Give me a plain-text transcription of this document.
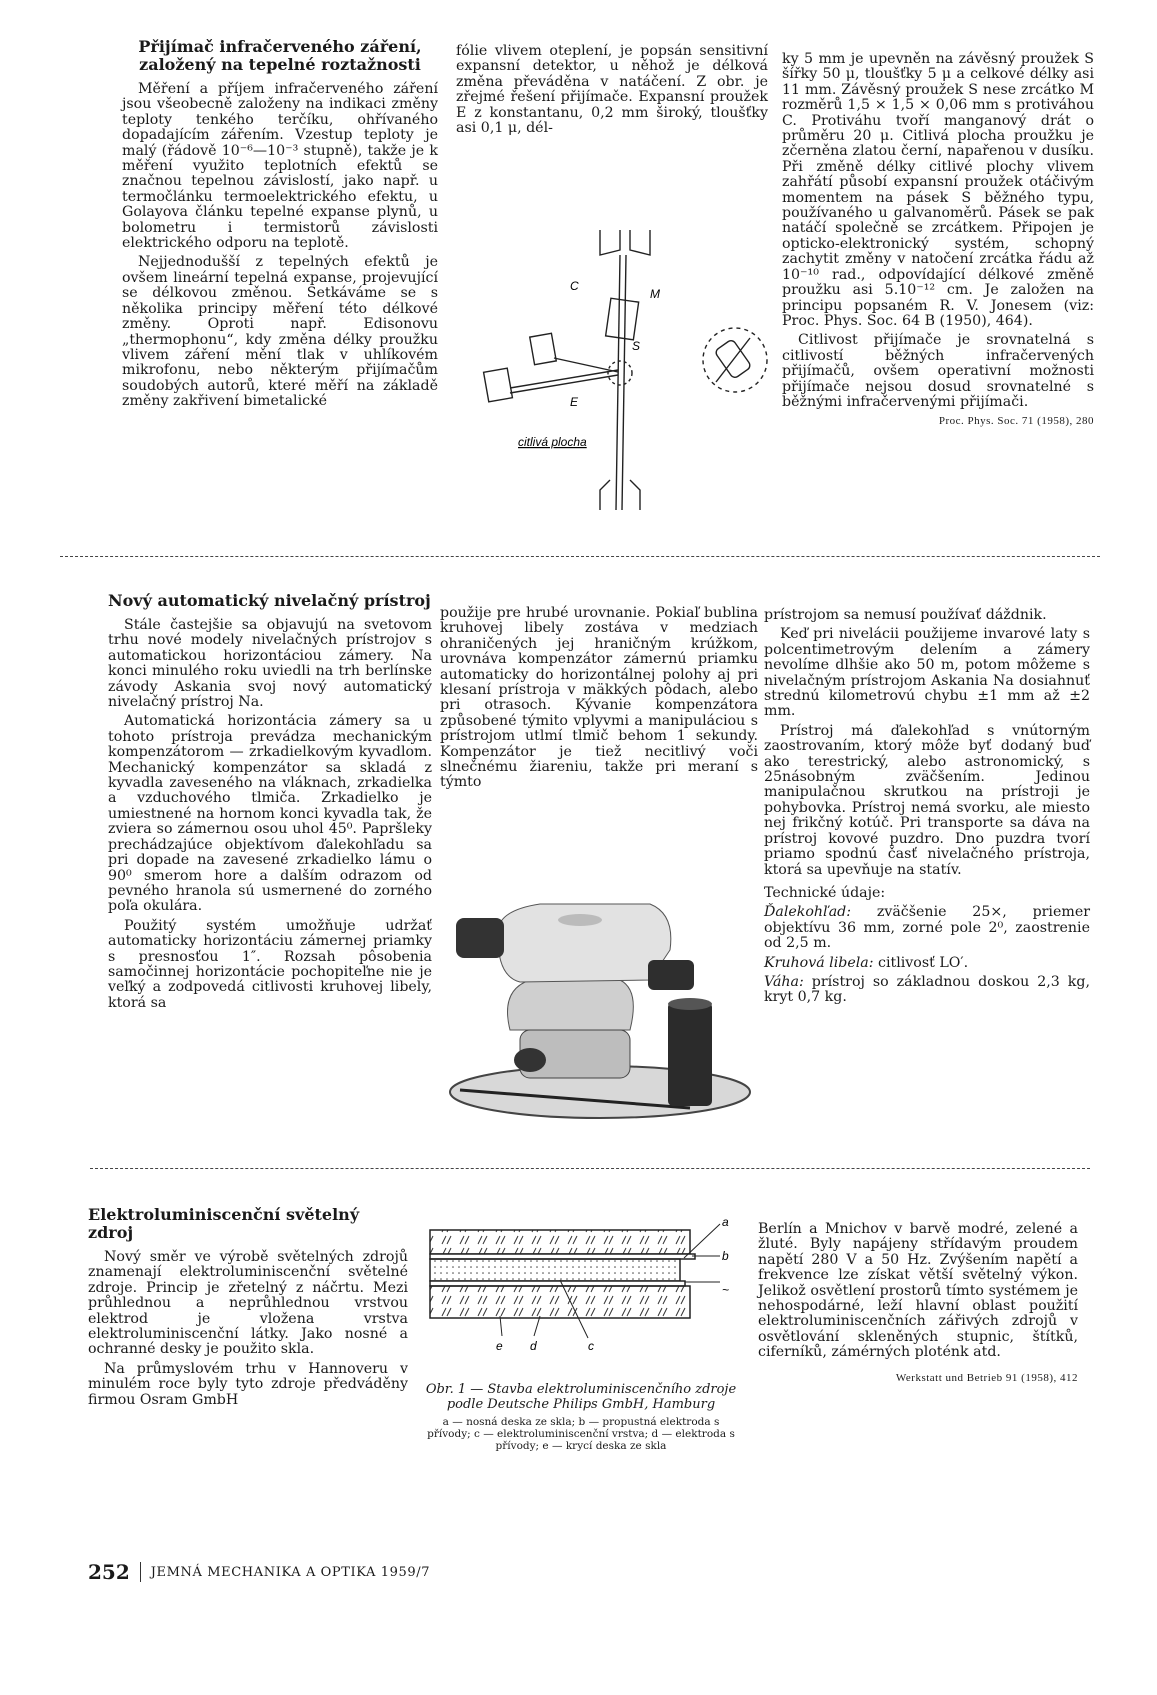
Přijímač infračerveného záření, založený na tepelné roztažnosti

Měření a příjem infračerveného záření jsou všeobecně založeny na indikaci změny teploty tenkého terčíku, ohřívaného dopadajícím zářením. Vzestup teploty je malý (řádově 10⁻⁶—10⁻³ stupně), takže je k měření využito teplotních efektů se značnou tepelnou závislostí, jako např. u termočlánku termoelektrického efektu, u Golayova článku tepelné expanse plynů, u bolometru i termistorů závislosti elektrického odporu na teplotě.

Nejjednodušší z tepelných efektů je ovšem lineární tepelná expanse, projevující se délkovou změnou. Setkáváme se s několika principy měření této délkové změny. Oproti např. Edisonovu „thermophonu“, kdy změna délky proužku vlivem záření mění tlak v uhlíkovém mikrofonu, nebo některým přijímačům soudobých autorů, které měří na základě změny zakřivení bimetalické

fólie vlivem oteplení, je popsán sensitivní expansní detektor, u něhož je délková změna převáděna v natáčení. Z obr. je zřejmé řešení přijímače. Expansní proužek E z konstantanu, 0,2 mm široký, tloušťky asi 0,1 μ, dél-

C
M
S
E
citlivá plocha

ky 5 mm je upevněn na závěsný proužek S šířky 50 μ, tloušťky 5 μ a celkové délky asi 11 mm. Závěsný proužek S nese zrcátko M rozměrů 1,5 × 1,5 × 0,06 mm s protiváhou C. Protiváhu tvoří manganový drát o průměru 20 μ. Citlivá plocha proužku je zčerněna zlatou černí, napařenou v dusíku. Při změně délky citlivé plochy vlivem zahřátí působí expansní proužek otáčivým momentem na pásek S běžného typu, používaného u galvanoměrů. Pásek se pak natáčí společně se zrcátkem. Připojen je opticko-elektronický systém, schopný zachytit změny v natočení zrcátka řádu až 10⁻¹⁰ rad., odpovídající délkové změně proužku asi 5.10⁻¹² cm. Je založen na principu popsaném R. V. Jonesem (viz: Proc. Phys. Soc. 64 B (1950), 464).

Citlivost přijímače je srovnatelná s citlivostí běžných infračervených přijímačů, ovšem operativní možnosti přijímače nejsou dosud srovnatelné s běžnými infračervenými přijímači.

Proc. Phys. Soc. 71 (1958), 280
Nový automatický nivelačný prístroj

Stále častejšie sa objavujú na svetovom trhu nové modely nivelačných prístrojov s automatickou horizontáciou zámery. Na konci minulého roku uviedli na trh berlínske závody Askania svoj nový automatický nivelačný prístroj Na.

Automatická horizontácia zámery sa u tohoto prístroja prevádza mechanickým kompenzátorom — zrkadielkovým kyvadlom. Mechanický kompenzátor sa skladá z kyvadla zaveseného na vláknach, zrkadielka a vzduchového tlmiča. Zrkadielko je umiestnené na hornom konci kyvadla tak, že zviera so zámernou osou uhol 45⁰. Papršleky prechádzajúce objektívom ďalekohľadu sa pri dopade na zavesené zrkadielko lámu o 90⁰ smerom hore a dalším odrazom od pevného hranola sú usmernené do zorného poľa okulára.

Použitý systém umožňuje udržať automaticky horizontáciu zámernej priamky s presnosťou 1″. Rozsah pôsobenia samočinnej horizontácie pochopiteľne nie je veľký a zodpovedá citlivosti kruhovej libely, ktorá sa

použije pre hrubé urovnanie. Pokiaľ bublina kruhovej libely zostáva v medziach ohraničených jej hraničným krúžkom, urovnáva kompenzátor zámernú priamku automaticky do horizontálnej polohy aj pri klesaní prístroja v mäkkých pôdach, alebo pri otrasoch. Kývanie kompenzátora způsobené týmito vplyvmi a manipuláciou s prístrojom utlmí tlmič behom 1 sekundy. Kompenzátor je tiež necitlivý voči slnečnému žiareniu, takže pri meraní s týmto

prístrojom sa nemusí používať dáždnik.

Keď pri nivelácii použijeme invarové laty s polcentimetrovým delením a zámery nevolíme dlhšie ako 50 m, potom môžeme s nivelačným prístrojom Askania Na dosiahnuť strednú kilometrovú chybu ±1 mm až ±2 mm.

Prístroj má ďalekohľad s vnútorným zaostrovaním, ktorý môže byť dodaný buď ako terestrický, alebo astronomický, s 25násobným zväčšením. Jedinou manipulačnou skrutkou na prístroji je pohybovka. Prístroj nemá svorku, ale miesto nej frikčný kotúč. Pri transporte sa dáva na prístroj kovové puzdro. Dno puzdra tvorí priamo spodnú časť nivelačného prístroja, ktorá sa upevňuje na statív.

Technické údaje:

Ďalekohľad: zväčšenie 25×, priemer objektívu 36 mm, zorné pole 2⁰, zaostrenie od 2,5 m.

Kruhová libela: citlivosť LO′.

Váha: prístroj so základnou doskou 2,3 kg, kryt 0,7 kg.

Elektroluminiscenční světelný zdroj

Nový směr ve výrobě světelných zdrojů znamenají elektroluminiscenční světelné zdroje. Princip je zřetelný z náčrtu. Mezi průhlednou a neprůhlednou vrstvou elektrod je vložena vrstva elektroluminiscenční látky. Jako nosné a ochranné desky je použito skla.

Na průmyslovém trhu v Hannoveru v minulém roce byly tyto zdroje předváděny firmou Osram GmbH

a
b
~
c
d
e
Obr. 1 — Stavba elektroluminiscenčního zdroje podle Deutsche Philips GmbH, Hamburg
a — nosná deska ze skla; b — propustná elektroda s přívody; c — elektroluminiscenční vrstva; d — elektroda s přívody; e — krycí deska ze skla

Berlín a Mnichov v barvě modré, zelené a žluté. Byly napájeny střídavým proudem napětí 280 V a 50 Hz. Zvýšením napětí a frekvence lze získat větší světelný výkon. Jelikož osvětlení prostorů tímto systémem je nehospodárné, leží hlavní oblast použití elektroluminiscenčních zářivých zdrojů v osvětlování skleněných stupnic, štítků, ciferníků, zámérných ploténk atd.

Werkstatt und Betrieb 91 (1958), 412
252 JEMNÁ MECHANIKA A OPTIKA 1959/7
